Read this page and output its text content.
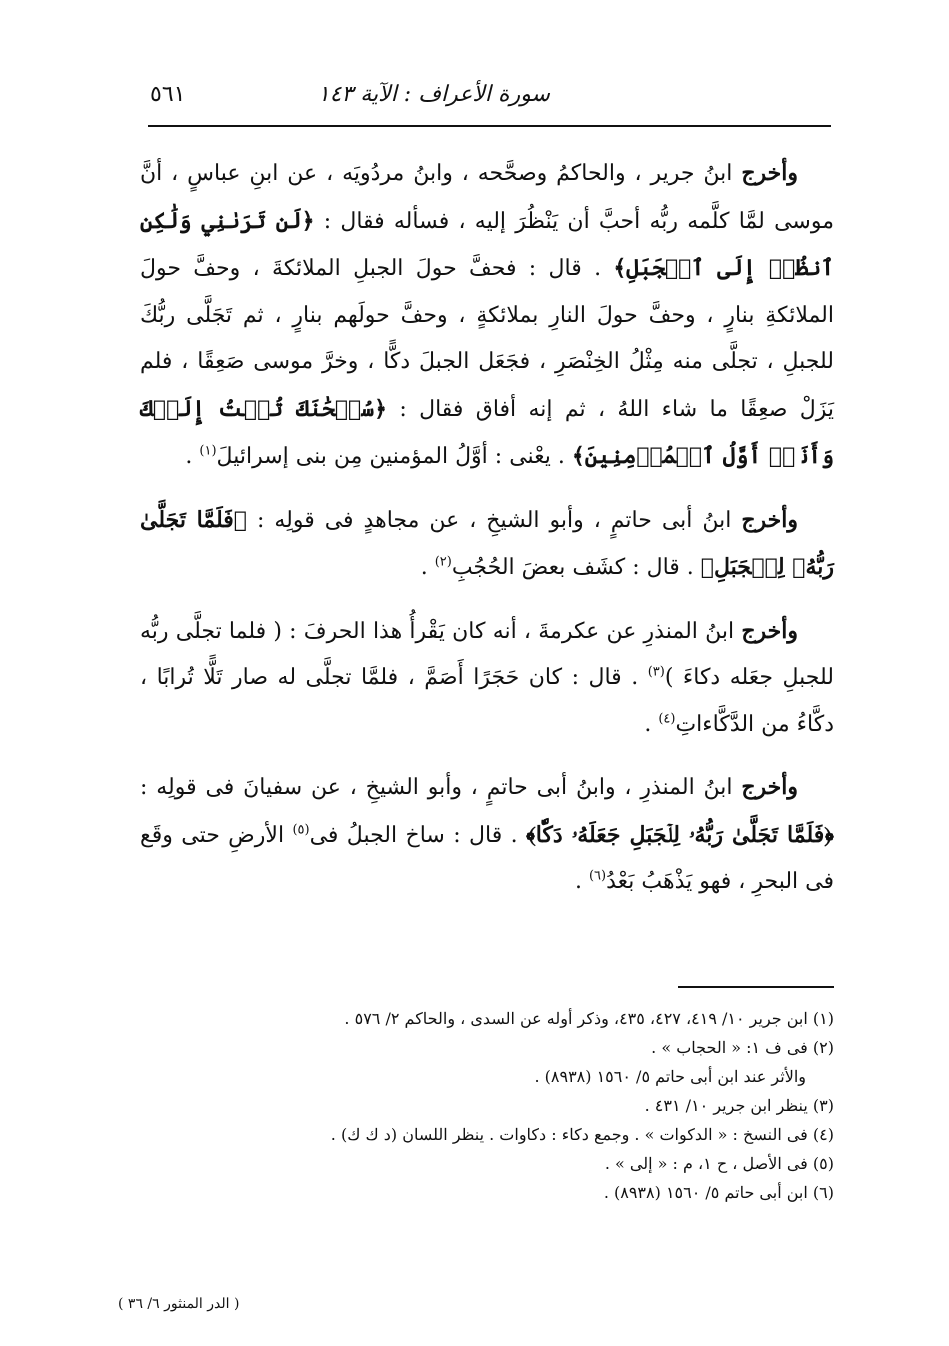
سورة الأعراف : الآية ١٤٣
٥٦١

وأخرج ابنُ جرير ، والحاكمُ وصحَّحه ، وابنُ مردُويَه ، عن ابنِ عباسٍ ، أنَّ موسى لمَّا كلَّمه ربُّه أحبَّ أن يَنْظُرَ إليه ، فسأله فقال : ﴿لَن تَرَىٰنِي وَلَٰكِنِ ٱنظُرۡ إِلَى ٱلۡجَبَلِ﴾ . قال : فحفَّ حولَ الجبلِ الملائكةَ ، وحفَّ حولَ الملائكةِ بنارٍ ، وحفَّ حولَ النارِ بملائكةٍ ، وحفَّ حولَهم بنارٍ ، ثم تَجَلَّى ربُّكَ للجبلِ ، تجلَّى منه مِثْلُ الخِنْصَرِ ، فجَعَل الجبلَ دكًّا ، وخرَّ موسى صَعِقًا ، فلم يَزَلْ صعِقًا ما شاء اللهُ ، ثم إنه أفاق فقال : ﴿سُبۡحَٰنَكَ تُبۡتُ إِلَيۡكَ وَأَنَا۠ أَوَّلُ ٱلۡمُؤۡمِنِينَ﴾ . يعْنى : أوَّلُ المؤمنين مِن بنى إسرائيلَ$^{(١)}$ .

وأخرج ابنُ أبى حاتمٍ ، وأبو الشيخِ ، عن مجاهدٍ فى قولِه : ﴿فَلَمَّا تَجَلَّىٰ رَبُّهُۥ لِلۡجَبَلِ﴾ . قال : كشَف بعضَ الحُجُبِ$^{(٢)}$ .

وأخرج ابنُ المنذرِ عن عكرمةَ ، أنه كان يَقْرأُ هذا الحرفَ : ( فلما تجلَّى ربُّه للجبلِ جعَله دكاءَ )$^{(٣)}$ . قال : كان حَجَرًا أَصَمَّ ، فلمَّا تجلَّى له صار تَلًّا تُرابًا ، دكَّاءُ من الدَّكَّاءاتِ$^{(٤)}$ .

وأخرج ابنُ المنذرِ ، وابنُ أبى حاتمٍ ، وأبو الشيخِ ، عن سفيانَ فى قولِه : ﴿فَلَمَّا تَجَلَّىٰ رَبُّهُۥ لِلۡجَبَلِ جَعَلَهُۥ دَكّٗا﴾ . قال : ساخ الجبلُ فى$^{(٥)}$ الأرضِ حتى وقَع فى البحرِ ، فهو يَذْهَبُ بَعْدُ$^{(٦)}$ .

(١) ابن جرير ١٠/ ٤١٩، ٤٢٧، ٤٣٥، وذكر أوله عن السدى ، والحاكم ٢/ ٥٧٦ .

(٢) فى ف ١: « الحجاب » .

والأثر عند ابن أبى حاتم ٥/ ١٥٦٠ (٨٩٣٨) .

(٣) ينظر ابن جرير ١٠/ ٤٣١ .

(٤) فى النسخ : « الدكوات » . وجمع دكاء : دكاوات . ينظر اللسان (د ك ك) .

(٥) فى الأصل ، ح ١، م : « إلى » .

(٦) ابن أبى حاتم ٥/ ١٥٦٠ (٨٩٣٨) .

( الدر المنثور ٦/ ٣٦ )
